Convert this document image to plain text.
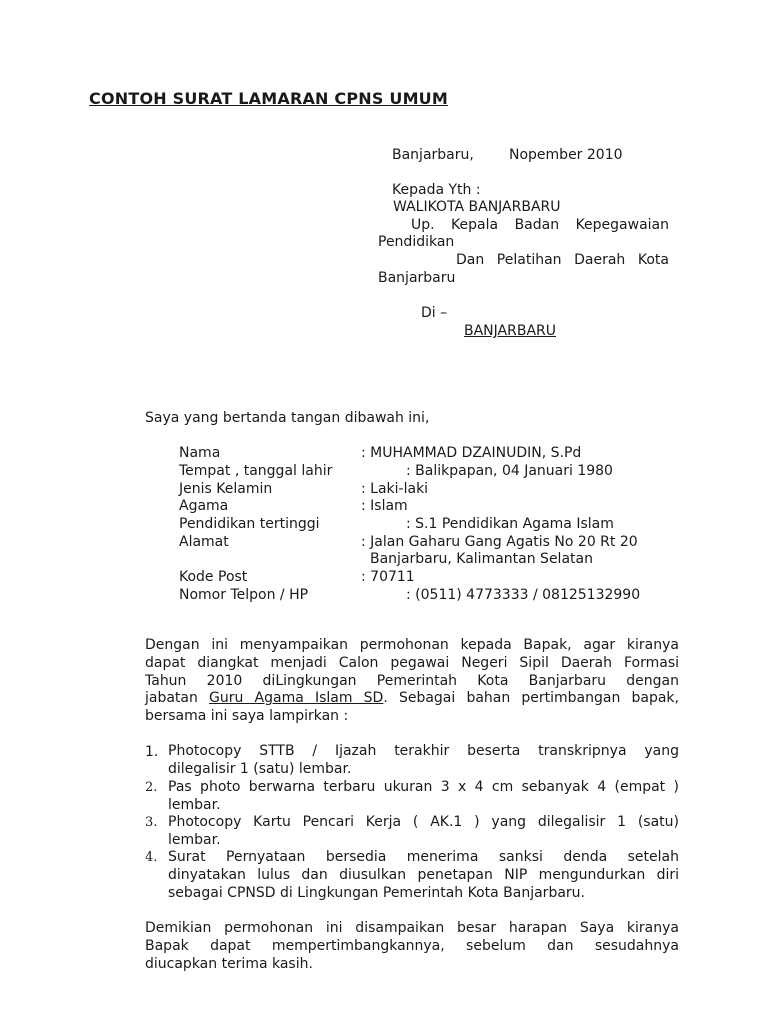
CONTOH SURAT LAMARAN CPNS UMUM
Banjarbaru,	Nopember 2010
Kepada Yth :
WALIKOTA BANJARBARU
Up. Kepala Badan Kepegawaian
Pendidikan
Dan Pelatihan Daerah Kota
Banjarbaru
Di –
BANJARBARU
Saya yang bertanda tangan dibawah ini,
Nama	: MUHAMMAD DZAINUDIN, S.Pd
Tempat , tanggal lahir	: Balikpapan, 04 Januari 1980
Jenis Kelamin	: Laki-laki
Agama	: Islam
Pendidikan tertinggi	: S.1 Pendidikan Agama Islam
Alamat	: Jalan Gaharu Gang Agatis No 20 Rt 20
Banjarbaru, Kalimantan Selatan
Kode Post	: 70711
Nomor Telpon / HP	: (0511) 4773333 / 08125132990
Dengan ini menyampaikan permohonan kepada Bapak, agar kiranya
dapat diangkat menjadi Calon pegawai Negeri Sipil Daerah Formasi
Tahun 2010 diLingkungan Pemerintah Kota Banjarbaru dengan
jabatan Guru Agama Islam SD. Sebagai bahan pertimbangan bapak,
bersama ini saya lampirkan :
1. Photocopy STTB / Ijazah terakhir beserta transkripnya yang
dilegalisir 1 (satu) lembar.
2. Pas photo berwarna terbaru ukuran 3 x 4 cm sebanyak 4 (empat )
lembar.
3. Photocopy Kartu Pencari Kerja ( AK.1 ) yang dilegalisir 1 (satu)
lembar.
4. Surat Pernyataan bersedia menerima sanksi denda setelah
dinyatakan lulus dan diusulkan penetapan NIP mengundurkan diri
sebagai CPNSD di Lingkungan Pemerintah Kota Banjarbaru.
Demikian permohonan ini disampaikan besar harapan Saya kiranya
Bapak dapat mempertimbangkannya, sebelum dan sesudahnya
diucapkan terima kasih.
